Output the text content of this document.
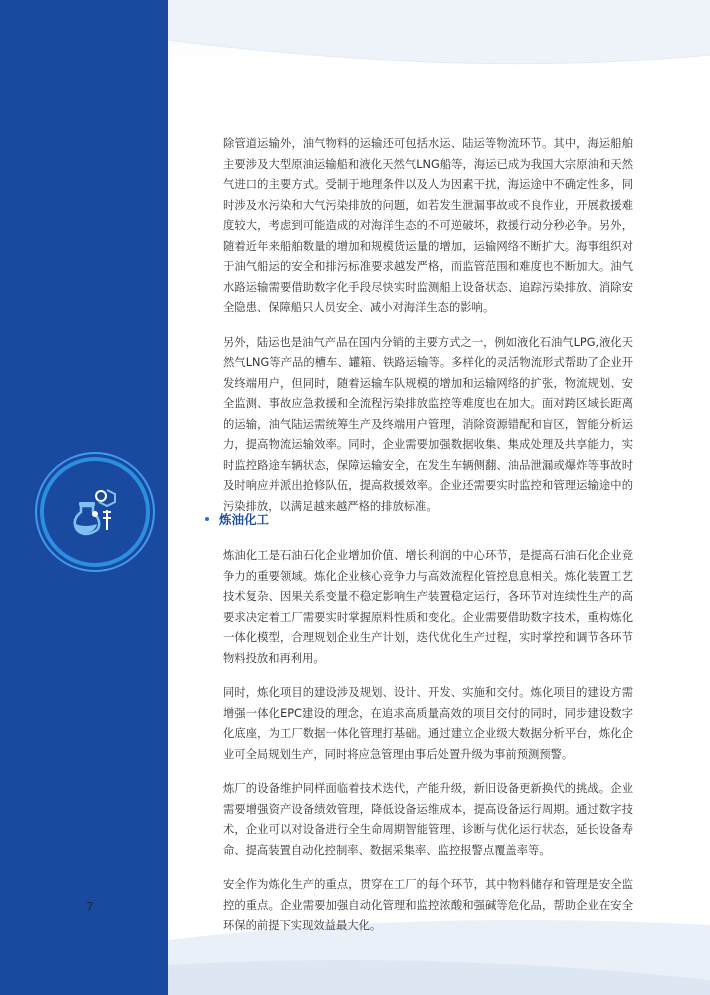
除管道运输外，油气物料的运输还可包括水运、陆运等物流环节。其中，海运船舶主要涉及大型原油运输船和液化天然气LNG船等，海运已成为我国大宗原油和天然气进口的主要方式。受制于地理条件以及人为因素干扰，海运途中不确定性多，同时涉及水污染和大气污染排放的问题，如若发生泄漏事故或不良作业，开展救援难度较大，考虑到可能造成的对海洋生态的不可逆破坏，救援行动分秒必争。另外，随着近年来船舶数量的增加和规模货运量的增加，运输网络不断扩大。海事组织对于油气船运的安全和排污标准要求越发严格，而监管范围和难度也不断加大。油气水路运输需要借助数字化手段尽快实时监测船上设备状态、追踪污染排放、消除安全隐患、保障船只人员安全、减小对海洋生态的影响。

另外，陆运也是油气产品在国内分销的主要方式之一，例如液化石油气LPG,液化天然气LNG等产品的槽车、罐箱、铁路运输等。多样化的灵活物流形式帮助了企业开发终端用户，但同时，随着运输车队规模的增加和运输网络的扩张，物流规划、安全监测、事故应急救援和全流程污染排放监控等难度也在加大。面对跨区域长距离的运输，油气陆运需统筹生产及终端用户管理，消除资源错配和盲区，智能分析运力，提高物流运输效率。同时，企业需要加强数据收集、集成处理及共享能力，实时监控路途车辆状态，保障运输安全，在发生车辆侧翻、油品泄漏或爆炸等事故时及时响应并派出抢修队伍，提高救援效率。企业还需要实时监控和管理运输途中的污染排放，以满足越来越严格的排放标准。

炼油化工

炼油化工是石油石化企业增加价值、增长利润的中心环节，是提高石油石化企业竞争力的重要领域。炼化企业核心竞争力与高效流程化管控息息相关。炼化装置工艺技术复杂、因果关系变量不稳定影响生产装置稳定运行，各环节对连续性生产的高要求决定着工厂需要实时掌握原料性质和变化。企业需要借助数字技术，重构炼化一体化模型，合理规划企业生产计划，迭代优化生产过程，实时掌控和调节各环节物料投放和再利用。

同时，炼化项目的建设涉及规划、设计、开发、实施和交付。炼化项目的建设方需增强一体化EPC建设的理念，在追求高质量高效的项目交付的同时，同步建设数字化底座，为工厂数据一体化管理打基础。通过建立企业级大数据分析平台，炼化企业可全局规划生产，同时将应急管理由事后处置升级为事前预测预警。

炼厂的设备维护同样面临着技术迭代，产能升级，新旧设备更新换代的挑战。企业需要增强资产设备绩效管理，降低设备运维成本，提高设备运行周期。通过数字技术，企业可以对设备进行全生命周期智能管理、诊断与优化运行状态，延长设备寿命、提高装置自动化控制率、数据采集率、监控报警点覆盖率等。

安全作为炼化生产的重点，贯穿在工厂的每个环节，其中物料储存和管理是安全监控的重点。企业需要加强自动化管理和监控浓酸和强碱等危化品，帮助企业在安全环保的前提下实现效益最大化。

7
